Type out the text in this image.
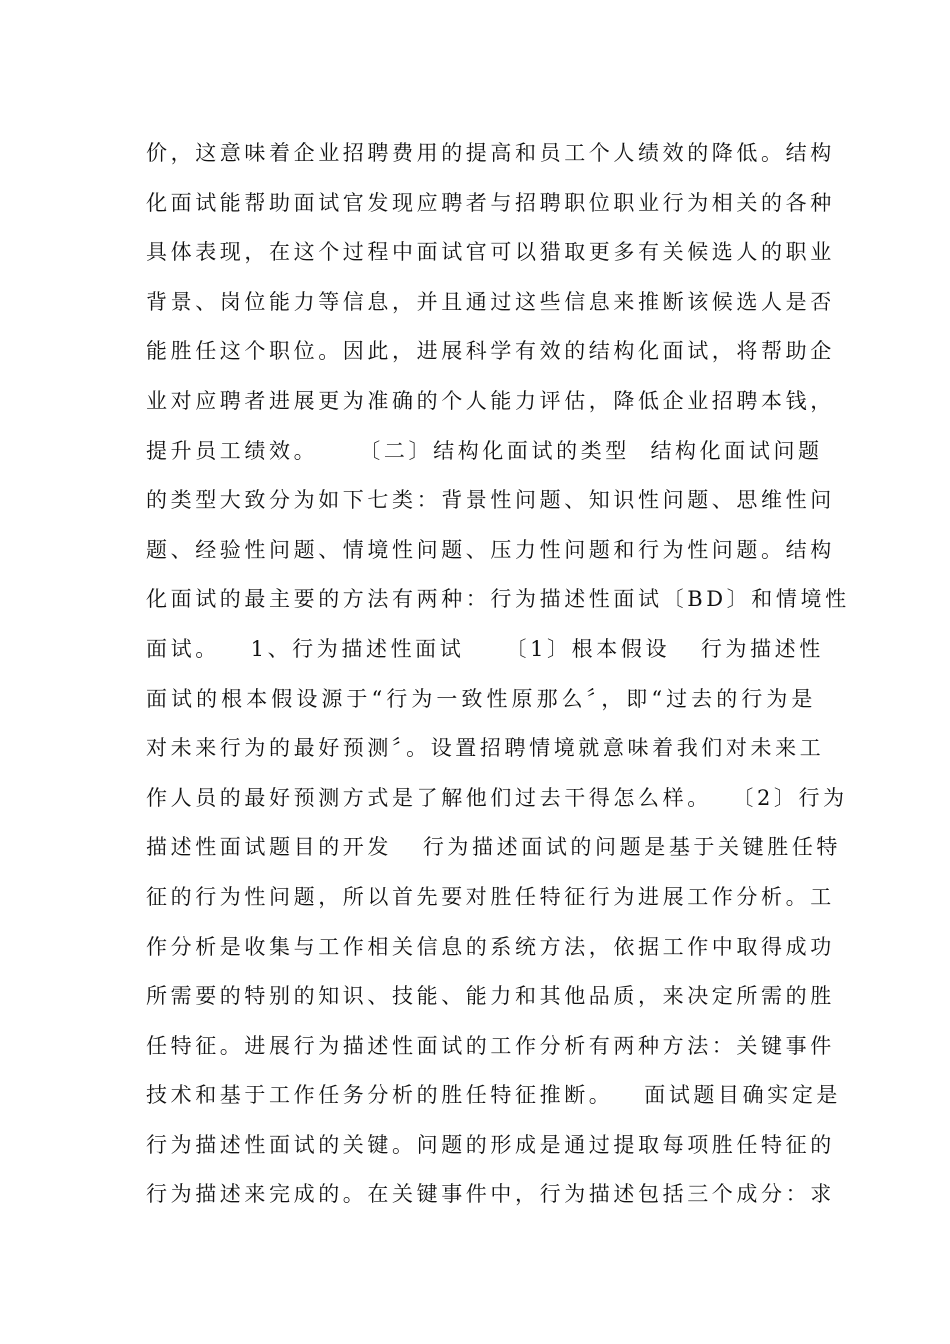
价，这意味着企业招聘费用的提高和员工个人绩效的降低。结构
化面试能帮助面试官发现应聘者与招聘职位职业行为相关的各种
具体表现，在这个过程中面试官可以猎取更多有关候选人的职业
背景、岗位能力等信息，并且通过这些信息来推断该候选人是否
能胜任这个职位。因此，进展科学有效的结构化面试，将帮助企
业对应聘者进展更为准确的个人能力评估，降低企业招聘本钱，
提升员工绩效。    〔二〕结构化面试的类型  结构化面试问题
的类型大致分为如下七类：背景性问题、知识性问题、思维性问
题、经验性问题、情境性问题、压力性问题和行为性问题。结构
化面试的最主要的方法有两种：行为描述性面试〔BD〕和情境性
面试。   1、行为描述性面试    〔1〕根本假设   行为描述性
面试的根本假设源于“行为一致性原那么〞，即“过去的行为是
对未来行为的最好预测〞。设置招聘情境就意味着我们对未来工
作人员的最好预测方式是了解他们过去干得怎么样。  〔2〕行为
描述性面试题目的开发   行为描述面试的问题是基于关键胜任特
征的行为性问题，所以首先要对胜任特征行为进展工作分析。工
作分析是收集与工作相关信息的系统方法，依据工作中取得成功
所需要的特别的知识、技能、能力和其他品质，来决定所需的胜
任特征。进展行为描述性面试的工作分析有两种方法：关键事件
技术和基于工作任务分析的胜任特征推断。   面试题目确实定是
行为描述性面试的关键。问题的形成是通过提取每项胜任特征的
行为描述来完成的。在关键事件中，行为描述包括三个成分：求
